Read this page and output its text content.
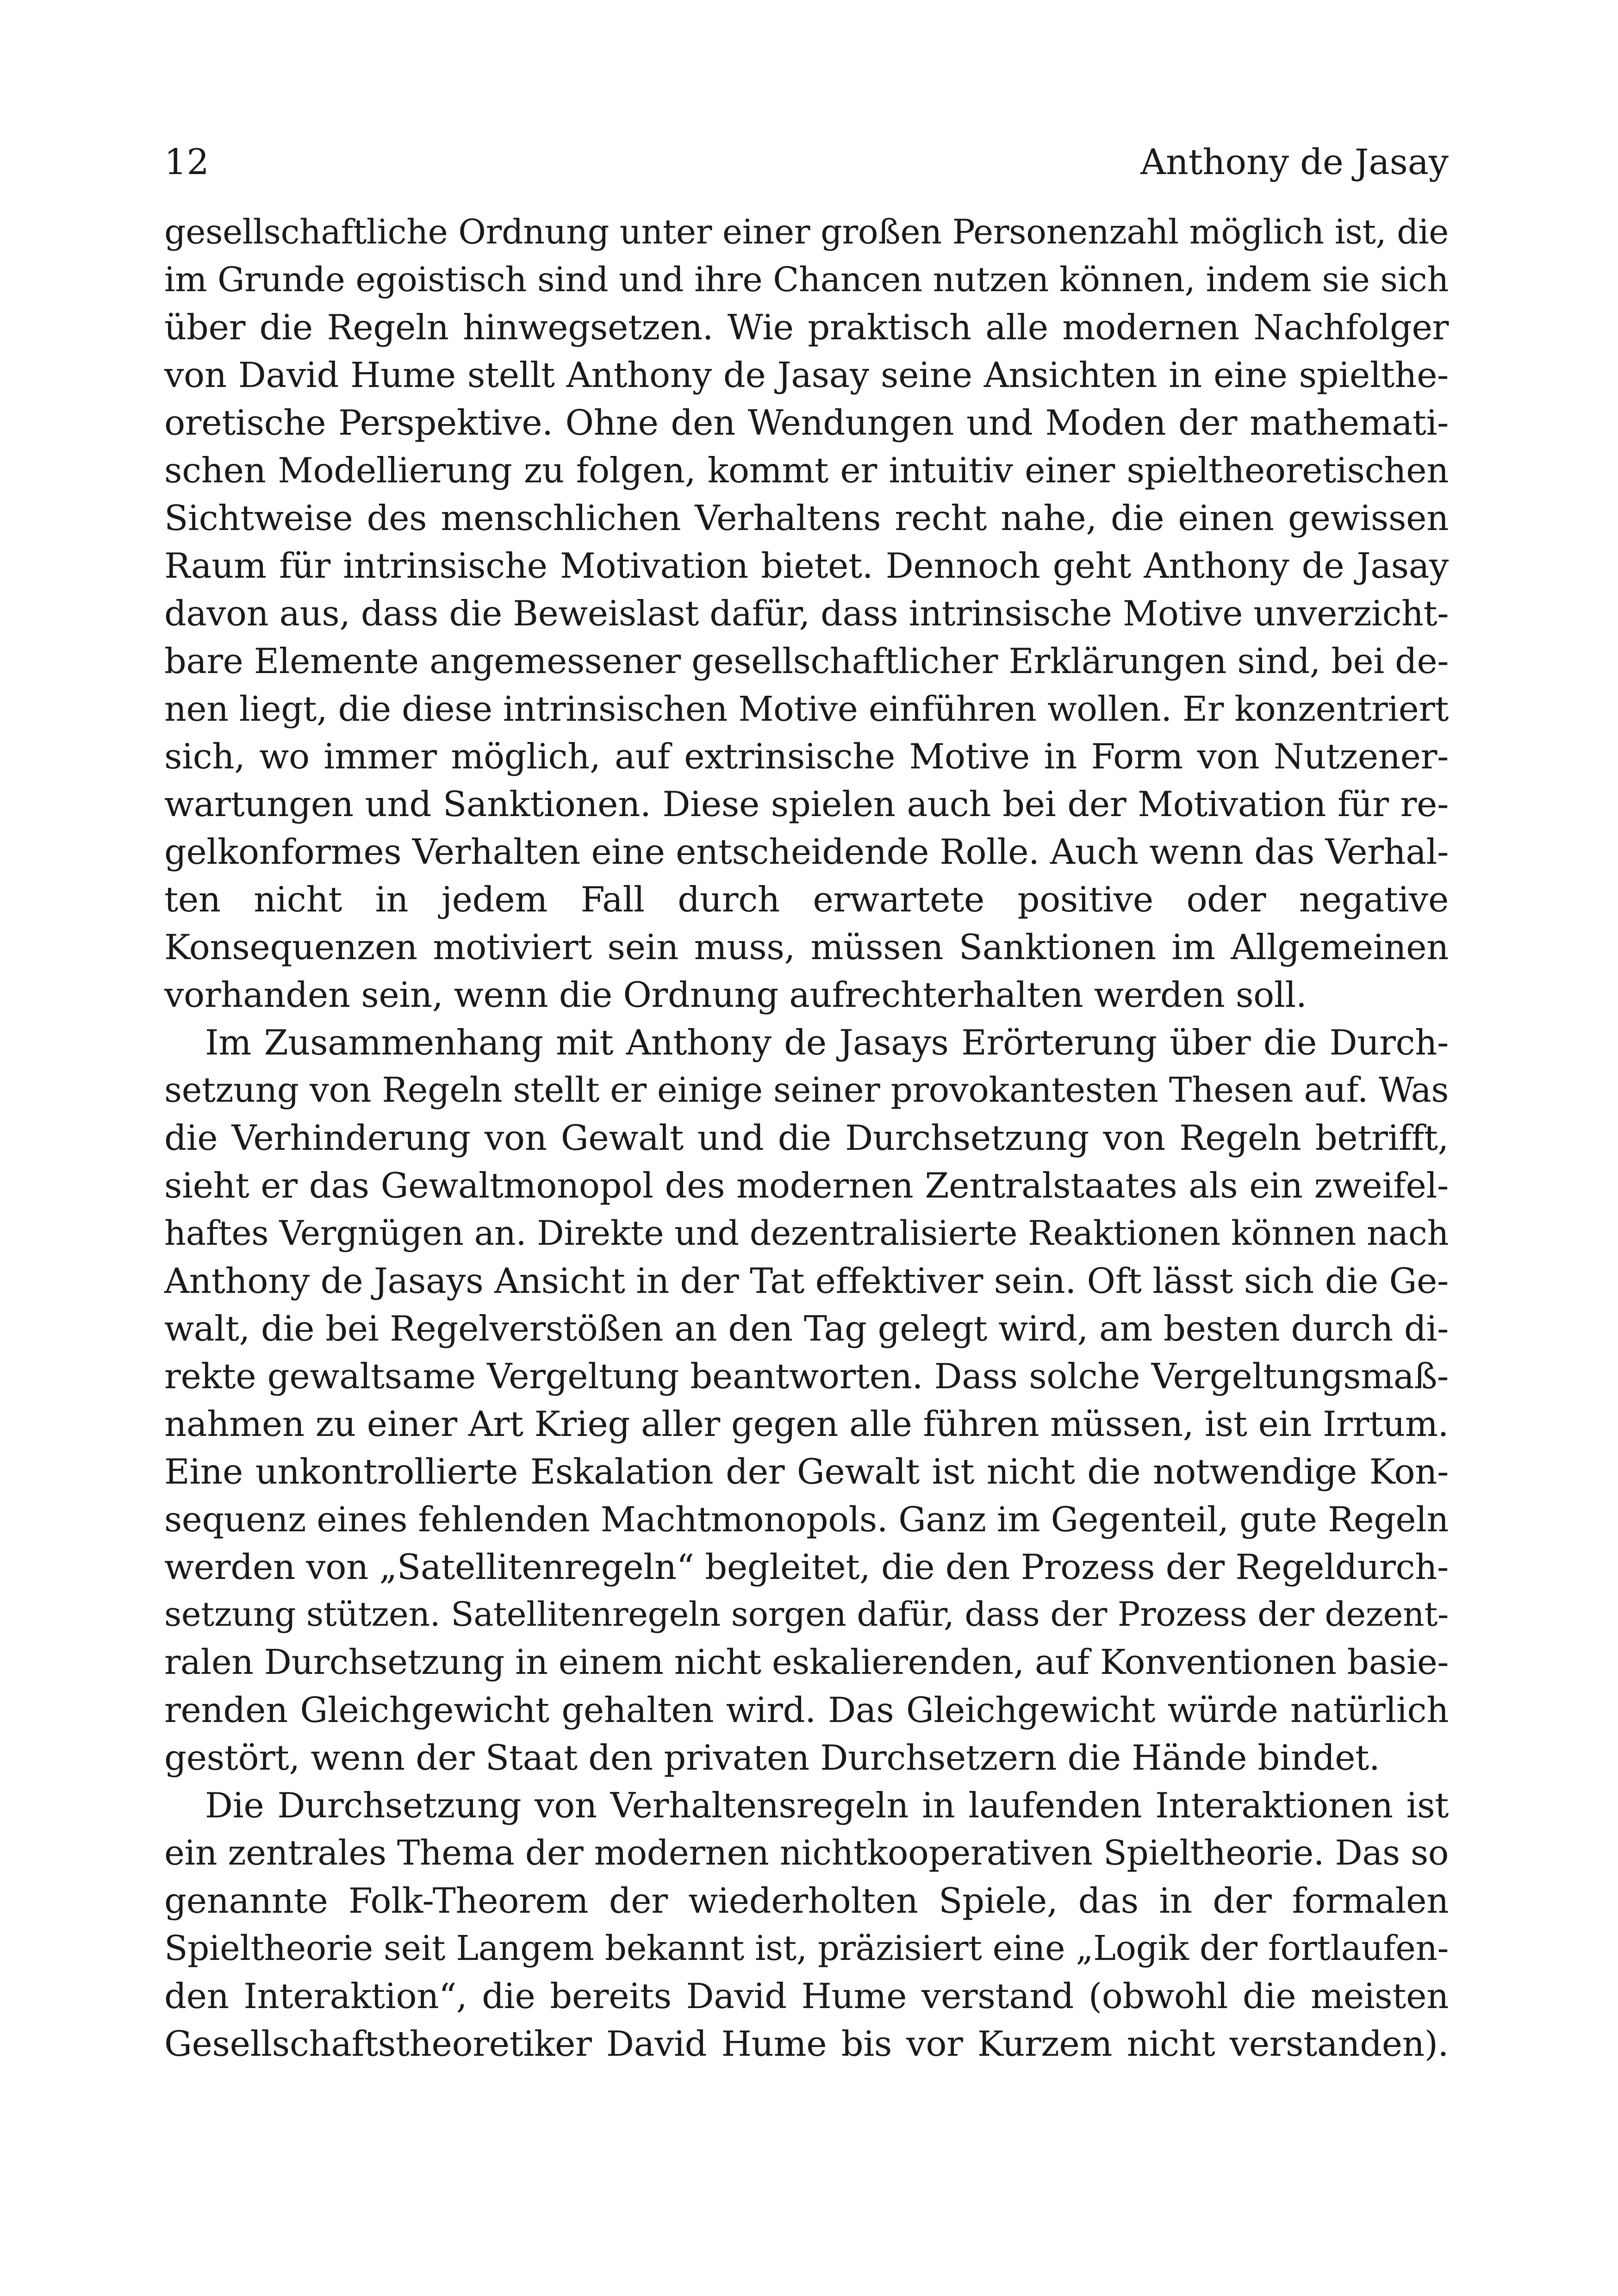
12	Anthony de Jasay
gesellschaftliche Ordnung unter einer großen Personenzahl möglich ist, die
im Grunde egoistisch sind und ihre Chancen nutzen können, indem sie sich
über die Regeln hinwegsetzen. Wie praktisch alle modernen Nachfolger
von David Hume stellt Anthony de Jasay seine Ansichten in eine spielthe-
oretische Perspektive. Ohne den Wendungen und Moden der mathemati-
schen Modellierung zu folgen, kommt er intuitiv einer spieltheoretischen
Sichtweise des menschlichen Verhaltens recht nahe, die einen gewissen
Raum für intrinsische Motivation bietet. Dennoch geht Anthony de Jasay
davon aus, dass die Beweislast dafür, dass intrinsische Motive unverzicht-
bare Elemente angemessener gesellschaftlicher Erklärungen sind, bei de-
nen liegt, die diese intrinsischen Motive einführen wollen. Er konzentriert
sich, wo immer möglich, auf extrinsische Motive in Form von Nutzener-
wartungen und Sanktionen. Diese spielen auch bei der Motivation für re-
gelkonformes Verhalten eine entscheidende Rolle. Auch wenn das Verhal-
ten nicht in jedem Fall durch erwartete positive oder negative
Konsequenzen motiviert sein muss, müssen Sanktionen im Allgemeinen
vorhanden sein, wenn die Ordnung aufrechterhalten werden soll.
Im Zusammenhang mit Anthony de Jasays Erörterung über die Durch-
setzung von Regeln stellt er einige seiner provokantesten Thesen auf. Was
die Verhinderung von Gewalt und die Durchsetzung von Regeln betrifft,
sieht er das Gewaltmonopol des modernen Zentralstaates als ein zweifel-
haftes Vergnügen an. Direkte und dezentralisierte Reaktionen können nach
Anthony de Jasays Ansicht in der Tat effektiver sein. Oft lässt sich die Ge-
walt, die bei Regelverstößen an den Tag gelegt wird, am besten durch di-
rekte gewaltsame Vergeltung beantworten. Dass solche Vergeltungsmaß-
nahmen zu einer Art Krieg aller gegen alle führen müssen, ist ein Irrtum.
Eine unkontrollierte Eskalation der Gewalt ist nicht die notwendige Kon-
sequenz eines fehlenden Machtmonopols. Ganz im Gegenteil, gute Regeln
werden von „Satellitenregeln“ begleitet, die den Prozess der Regeldurch-
setzung stützen. Satellitenregeln sorgen dafür, dass der Prozess der dezent-
ralen Durchsetzung in einem nicht eskalierenden, auf Konventionen basie-
renden Gleichgewicht gehalten wird. Das Gleichgewicht würde natürlich
gestört, wenn der Staat den privaten Durchsetzern die Hände bindet.
Die Durchsetzung von Verhaltensregeln in laufenden Interaktionen ist
ein zentrales Thema der modernen nichtkooperativen Spieltheorie. Das so
genannte Folk-Theorem der wiederholten Spiele, das in der formalen
Spieltheorie seit Langem bekannt ist, präzisiert eine „Logik der fortlaufen-
den Interaktion“, die bereits David Hume verstand (obwohl die meisten
Gesellschaftstheoretiker David Hume bis vor Kurzem nicht verstanden).
